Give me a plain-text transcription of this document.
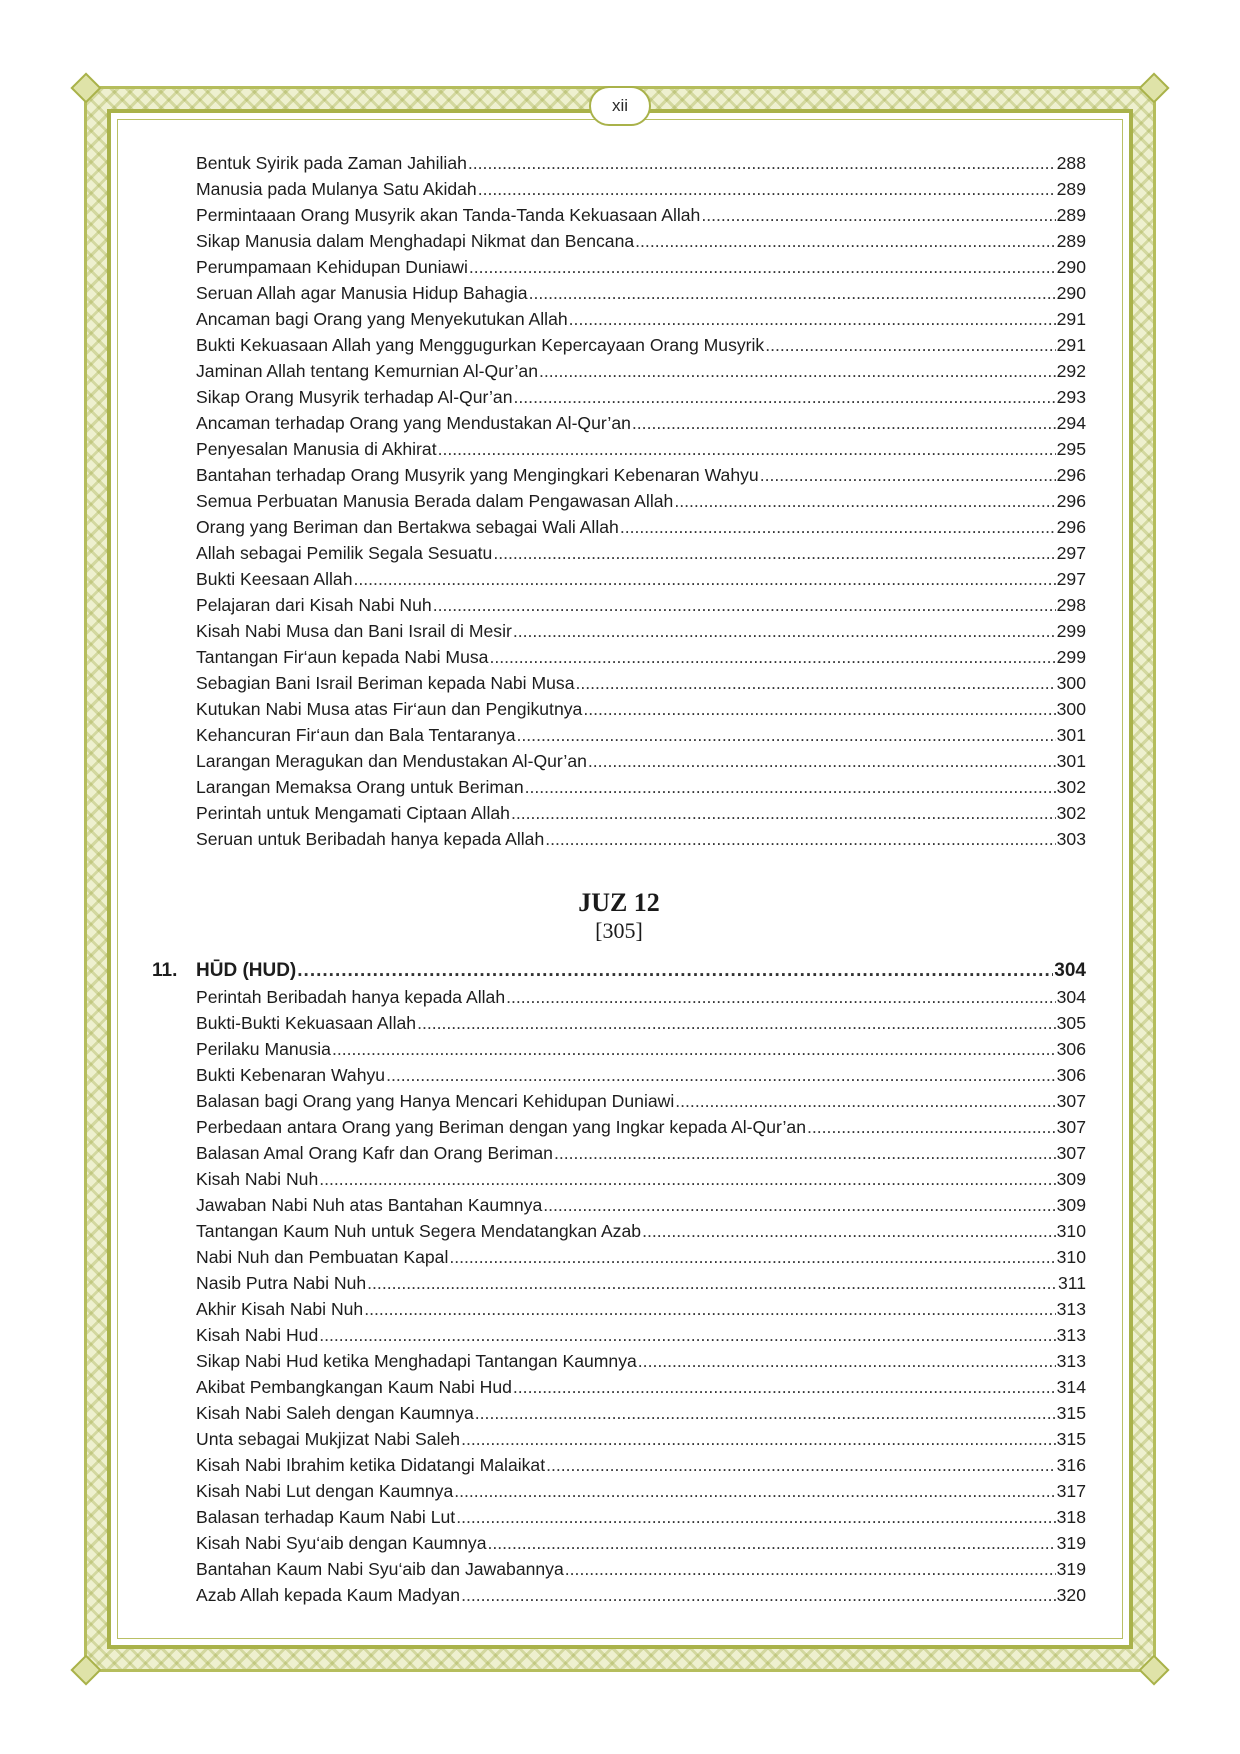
xii
Bentuk Syirik pada Zaman Jahiliah .....	288
Manusia pada Mulanya Satu Akidah .....	289
Permintaaan Orang Musyrik akan Tanda-Tanda Kekuasaan Allah .....	289
Sikap Manusia dalam Menghadapi Nikmat dan Bencana .....	289
Perumpamaan Kehidupan Duniawi .....	290
Seruan Allah agar Manusia Hidup Bahagia .....	290
Ancaman bagi Orang yang Menyekutukan Allah .....	291
Bukti Kekuasaan Allah yang Menggugurkan Kepercayaan Orang Musyrik .....	291
Jaminan Allah tentang Kemurnian Al-Qur’an .....	292
Sikap Orang Musyrik terhadap Al-Qur’an .....	293
Ancaman terhadap Orang yang Mendustakan Al-Qur’an .....	294
Penyesalan Manusia di Akhirat .....	295
Bantahan terhadap Orang Musyrik yang Mengingkari Kebenaran Wahyu .....	296
Semua Perbuatan Manusia Berada dalam Pengawasan Allah .....	296
Orang yang Beriman dan Bertakwa sebagai Wali Allah .....	296
Allah sebagai Pemilik Segala Sesuatu .....	297
Bukti Keesaan Allah .....	297
Pelajaran dari Kisah Nabi Nuh .....	298
Kisah Nabi Musa dan Bani Israil di Mesir .....	299
Tantangan Fir‘aun kepada Nabi Musa .....	299
Sebagian Bani Israil Beriman kepada Nabi Musa .....	300
Kutukan Nabi Musa atas Fir‘aun dan Pengikutnya .....	300
Kehancuran Fir‘aun dan Bala Tentaranya .....	301
Larangan Meragukan dan Mendustakan Al-Qur’an .....	301
Larangan Memaksa Orang untuk Beriman .....	302
Perintah untuk Mengamati Ciptaan Allah .....	302
Seruan untuk Beribadah hanya kepada Allah .....	303
JUZ 12
[305]
11. HŪD (HUD) .....	304
Perintah Beribadah hanya kepada Allah .....	304
Bukti-Bukti Kekuasaan Allah .....	305
Perilaku Manusia .....	306
Bukti Kebenaran Wahyu .....	306
Balasan bagi Orang yang Hanya Mencari Kehidupan Duniawi .....	307
Perbedaan antara Orang yang Beriman dengan yang Ingkar kepada Al-Qur’an .....	307
Balasan Amal Orang Kafr dan Orang Beriman .....	307
Kisah Nabi Nuh .....	309
Jawaban Nabi Nuh atas Bantahan Kaumnya .....	309
Tantangan Kaum Nuh untuk Segera Mendatangkan Azab .....	310
Nabi Nuh dan Pembuatan Kapal .....	310
Nasib Putra Nabi Nuh .....	311
Akhir Kisah Nabi Nuh .....	313
Kisah Nabi Hud .....	313
Sikap Nabi Hud ketika Menghadapi Tantangan Kaumnya .....	313
Akibat Pembangkangan Kaum Nabi Hud .....	314
Kisah Nabi Saleh dengan Kaumnya .....	315
Unta sebagai Mukjizat Nabi Saleh .....	315
Kisah Nabi Ibrahim ketika Didatangi Malaikat .....	316
Kisah Nabi Lut dengan Kaumnya .....	317
Balasan terhadap Kaum Nabi Lut .....	318
Kisah Nabi Syu‘aib dengan Kaumnya .....	319
Bantahan Kaum Nabi Syu‘aib dan Jawabannya .....	319
Azab Allah kepada Kaum Madyan .....	320
